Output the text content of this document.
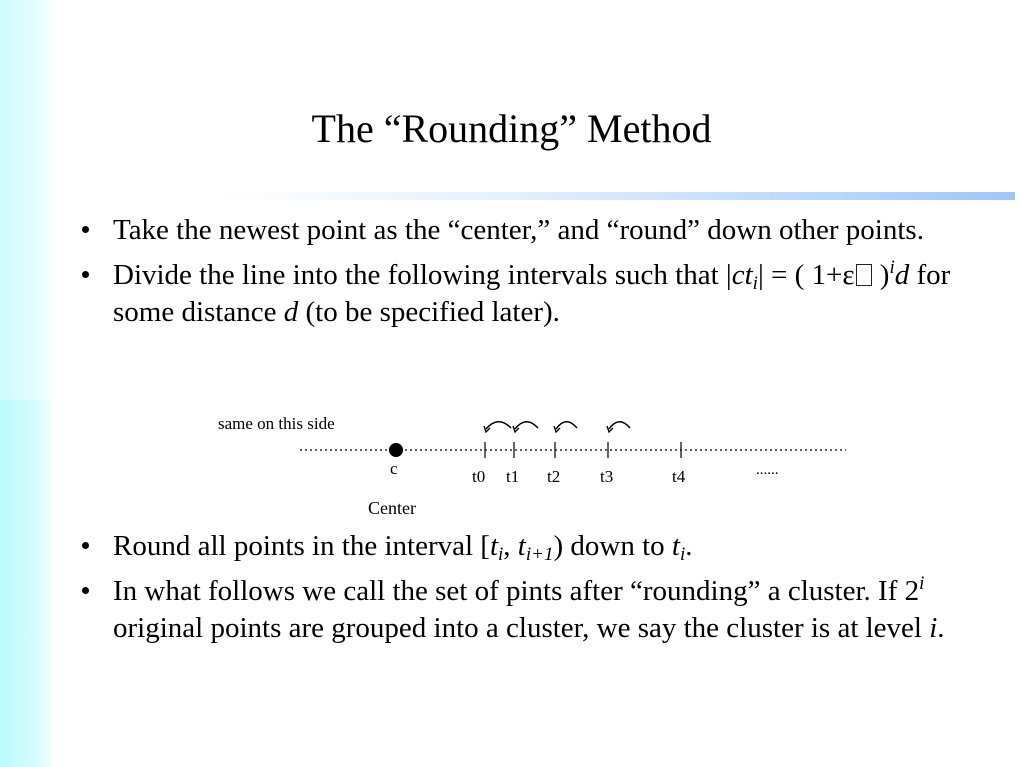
The “Rounding” Method
Take the newest point as the “center,” and “round” down other points.
Divide the line into the following intervals such that $|ct_i|$ = ( 1+ε )$^i$d for some distance d (to be specified later).
same on this side
c
Center
t0 t1 t2 t3	t4	......
Round all points in the interval [$t_i$, $t_{i+1}$) down to $t_i$.
In what follows we call the set of pints after “rounding” a cluster. If 2$^i$ original points are grouped into a cluster, we say the cluster is at level i.
